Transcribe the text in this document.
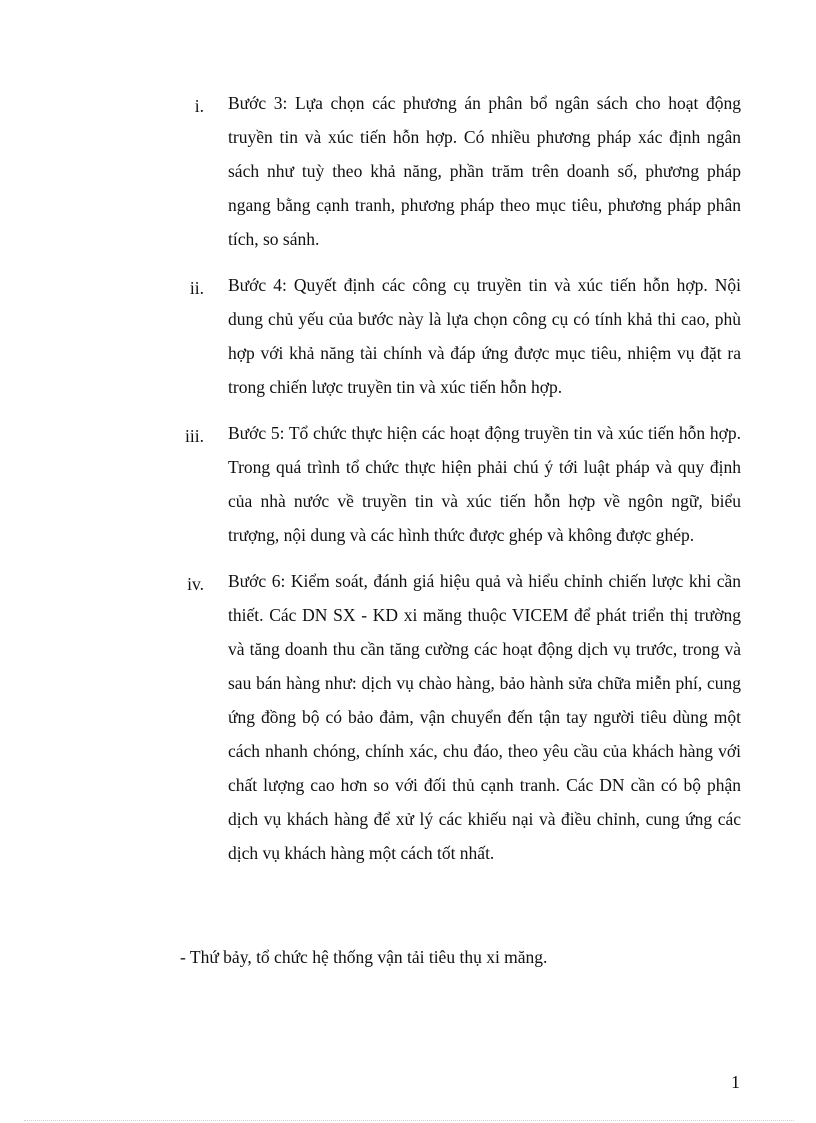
i. Bước 3: Lựa chọn các phương án phân bổ ngân sách cho hoạt động truyền tin và xúc tiến hỗn hợp. Có nhiều phương pháp xác định ngân sách như tuỳ theo khả năng, phần trăm trên doanh số, phương pháp ngang bằng cạnh tranh, phương pháp theo mục tiêu, phương pháp phân tích, so sánh.
ii. Bước 4: Quyết định các công cụ truyền tin và xúc tiến hỗn hợp. Nội dung chủ yếu của bước này là lựa chọn công cụ có tính khả thi cao, phù hợp với khả năng tài chính và đáp ứng được mục tiêu, nhiệm vụ đặt ra trong chiến lược truyền tin và xúc tiến hỗn hợp.
iii. Bước 5: Tổ chức thực hiện các hoạt động truyền tin và xúc tiến hỗn hợp. Trong quá trình tổ chức thực hiện phải chú ý tới luật pháp và quy định của nhà nước về truyền tin và xúc tiến hỗn hợp về ngôn ngữ, biểu trượng, nội dung và các hình thức được ghép và không được ghép.
iv. Bước 6: Kiểm soát, đánh giá hiệu quả và hiểu chỉnh chiến lược khi cần thiết. Các DN SX - KD xi măng thuộc VICEM để phát triển thị trường và tăng doanh thu cần tăng cường các hoạt động dịch vụ trước, trong và sau bán hàng như: dịch vụ chào hàng, bảo hành sửa chữa miễn phí, cung ứng đồng bộ có bảo đảm, vận chuyển đến tận tay người tiêu dùng một cách nhanh chóng, chính xác, chu đáo, theo yêu cầu của khách hàng với chất lượng cao hơn so với đối thủ cạnh tranh. Các DN cần có bộ phận dịch vụ khách hàng để xử lý các khiếu nại và điều chỉnh, cung ứng các dịch vụ khách hàng một cách tốt nhất.
- Thứ bảy, tổ chức hệ thống vận tải tiêu thụ xi măng.
1
